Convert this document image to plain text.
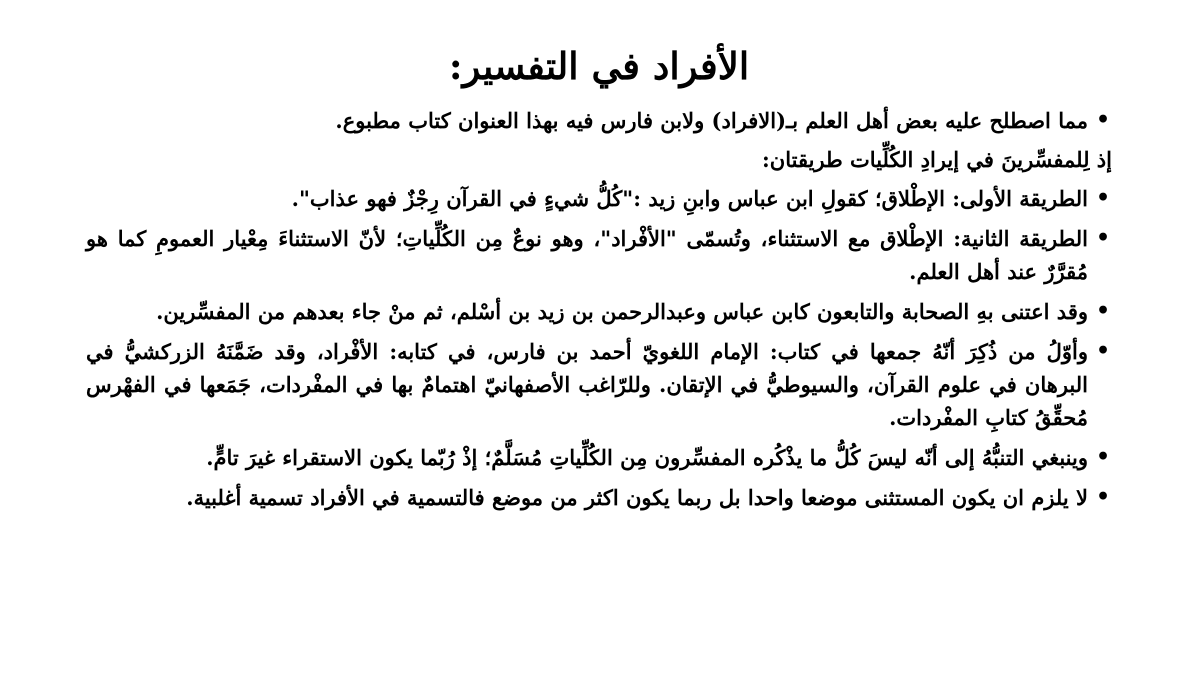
الأفراد في التفسير:
•
مما اصطلح عليه بعض أهل العلم بـ(الافراد) ولابن فارس فيه بهذا العنوان كتاب مطبوع.
إذ لِلمفسِّرينَ في إيرادِ الكُلِّيات طريقتان:
•
الطريقة الأولى: الإطْلاق؛ كقولِ ابن عباس وابنِ زيد :"كُلُّ شيءٍ في القرآن رِجْزٌ فهو عذاب".
•
الطريقة الثانية: الإطْلاق مع الاستثناء، وتُسمّى "الأفْراد"، وهو نوعٌ مِن الكُلِّياتِ؛ لأنّ الاستثناءَ مِعْيار العمومِ كما هو مُقرَّرٌ عند أهل العلم.
•
وقد اعتنى بهِ الصحابة والتابعون كابن عباس وعبدالرحمن بن زيد بن أسْلم، ثم منْ جاء بعدهم من المفسِّرين.
•
وأوّلُ من ذُكِرَ أنّهُ جمعها في كتاب: الإمام اللغويّ أحمد بن فارس، في كتابه: الأفْراد، وقد ضَمَّنَهُ الزركشيُّ في البرهان في علوم القرآن، والسيوطيُّ في الإتقان. وللرّاغب الأصفهانيّ اهتمامٌ بها في المفْردات، جَمَعها في الفهْرس مُحقِّقُ كتابِ المفْردات.
•
وينبغي التنبُّهُ إلى أنّه ليسَ كُلُّ ما يذْكُره المفسِّرون مِن الكُلِّياتِ مُسَلَّمٌ؛ إذْ رُبّما يكون الاستقراء غيرَ تامٍّ.
•
لا يلزم ان يكون المستثنى موضعا واحدا بل ربما يكون اكثر من موضع فالتسمية في الأفراد تسمية أغلبية.
